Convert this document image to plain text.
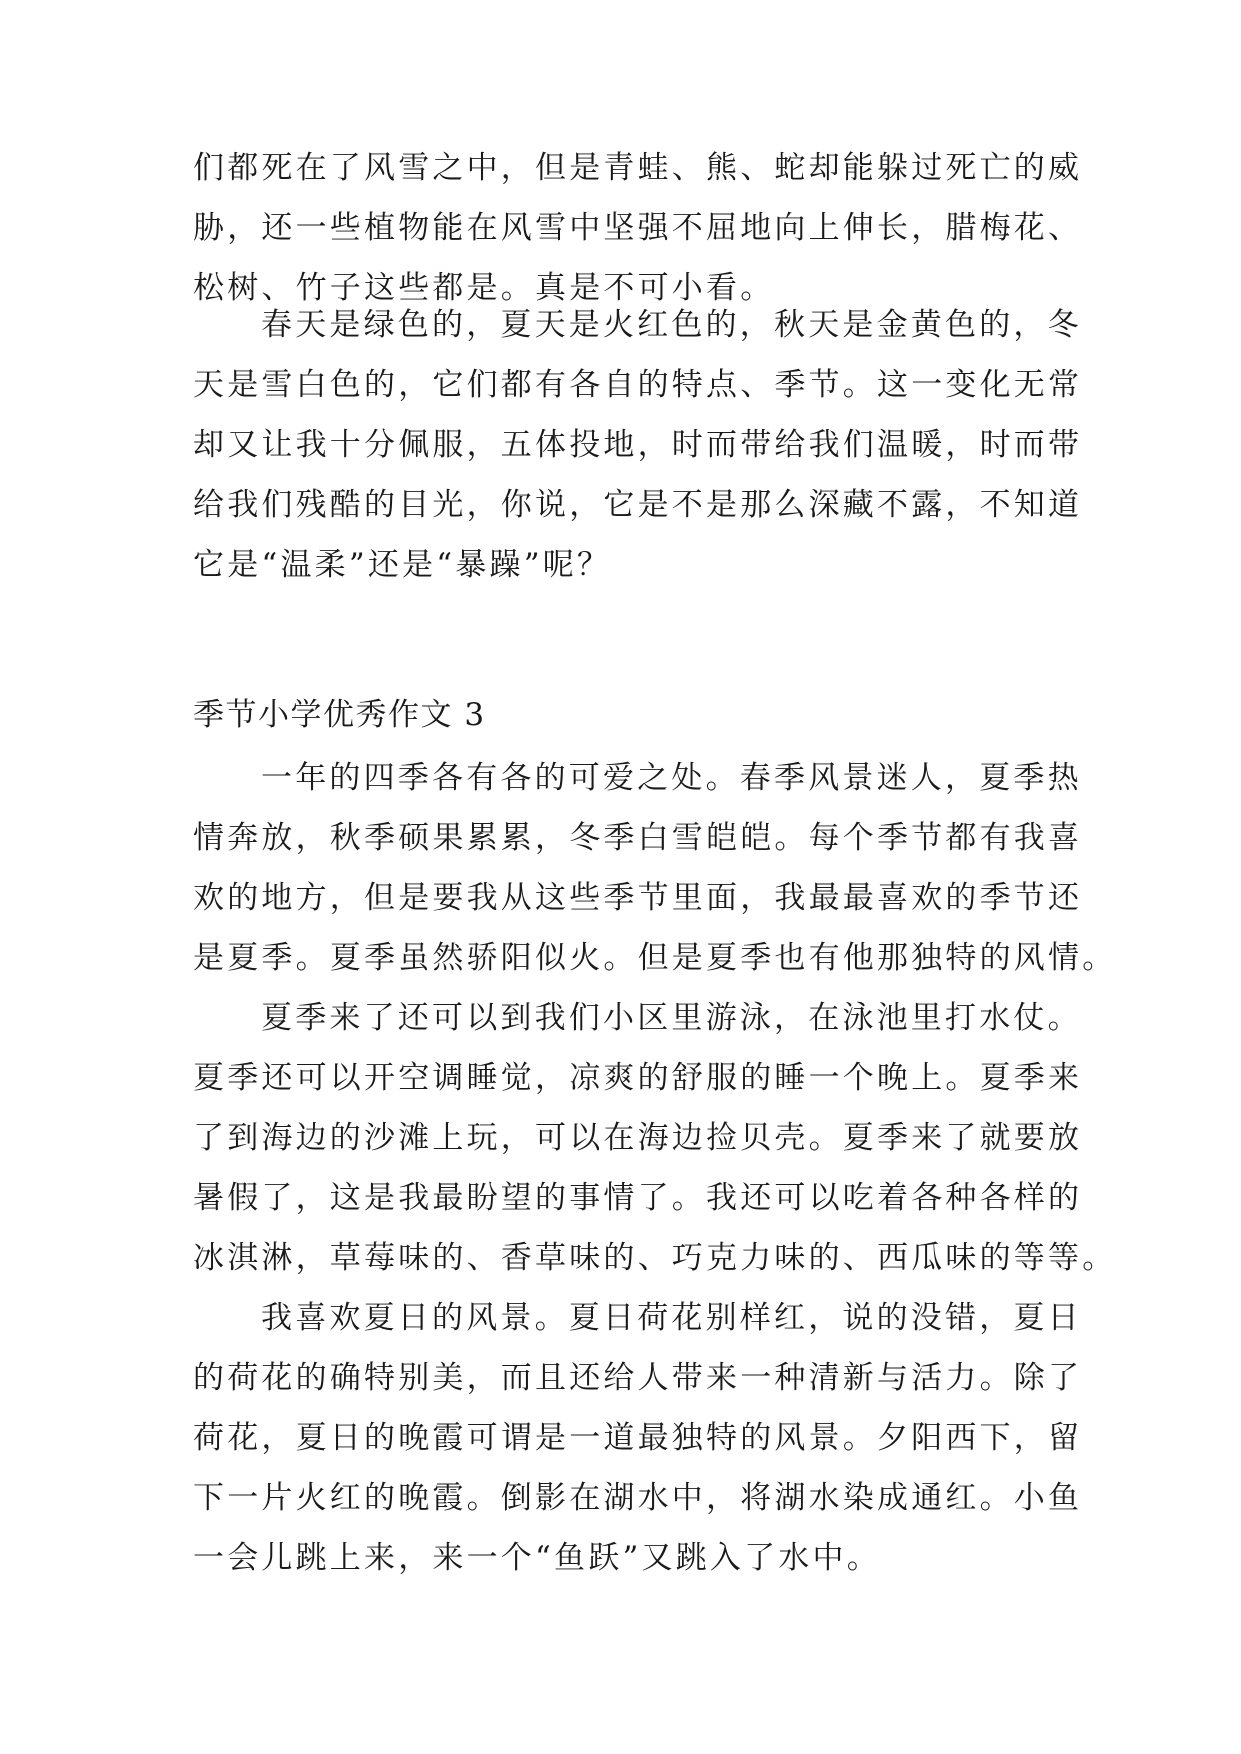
们都死在了风雪之中，但是青蛙、熊、蛇却能躲过死亡的威
胁，还一些植物能在风雪中坚强不屈地向上伸长，腊梅花、
松树、竹子这些都是。真是不可小看。
春天是绿色的，夏天是火红色的，秋天是金黄色的，冬
天是雪白色的，它们都有各自的特点、季节。这一变化无常
却又让我十分佩服，五体投地，时而带给我们温暖，时而带
给我们残酷的目光，你说，它是不是那么深藏不露，不知道
它是“温柔”还是“暴躁”呢？
季节小学优秀作文 3
一年的四季各有各的可爱之处。春季风景迷人，夏季热
情奔放，秋季硕果累累，冬季白雪皑皑。每个季节都有我喜
欢的地方，但是要我从这些季节里面，我最最喜欢的季节还
是夏季。夏季虽然骄阳似火。但是夏季也有他那独特的风情。
夏季来了还可以到我们小区里游泳，在泳池里打水仗。
夏季还可以开空调睡觉，凉爽的舒服的睡一个晚上。夏季来
了到海边的沙滩上玩，可以在海边捡贝壳。夏季来了就要放
暑假了，这是我最盼望的事情了。我还可以吃着各种各样的
冰淇淋，草莓味的、香草味的、巧克力味的、西瓜味的等等。
我喜欢夏日的风景。夏日荷花别样红，说的没错，夏日
的荷花的确特别美，而且还给人带来一种清新与活力。除了
荷花，夏日的晚霞可谓是一道最独特的风景。夕阳西下，留
下一片火红的晚霞。倒影在湖水中，将湖水染成通红。小鱼
一会儿跳上来，来一个“鱼跃”又跳入了水中。
